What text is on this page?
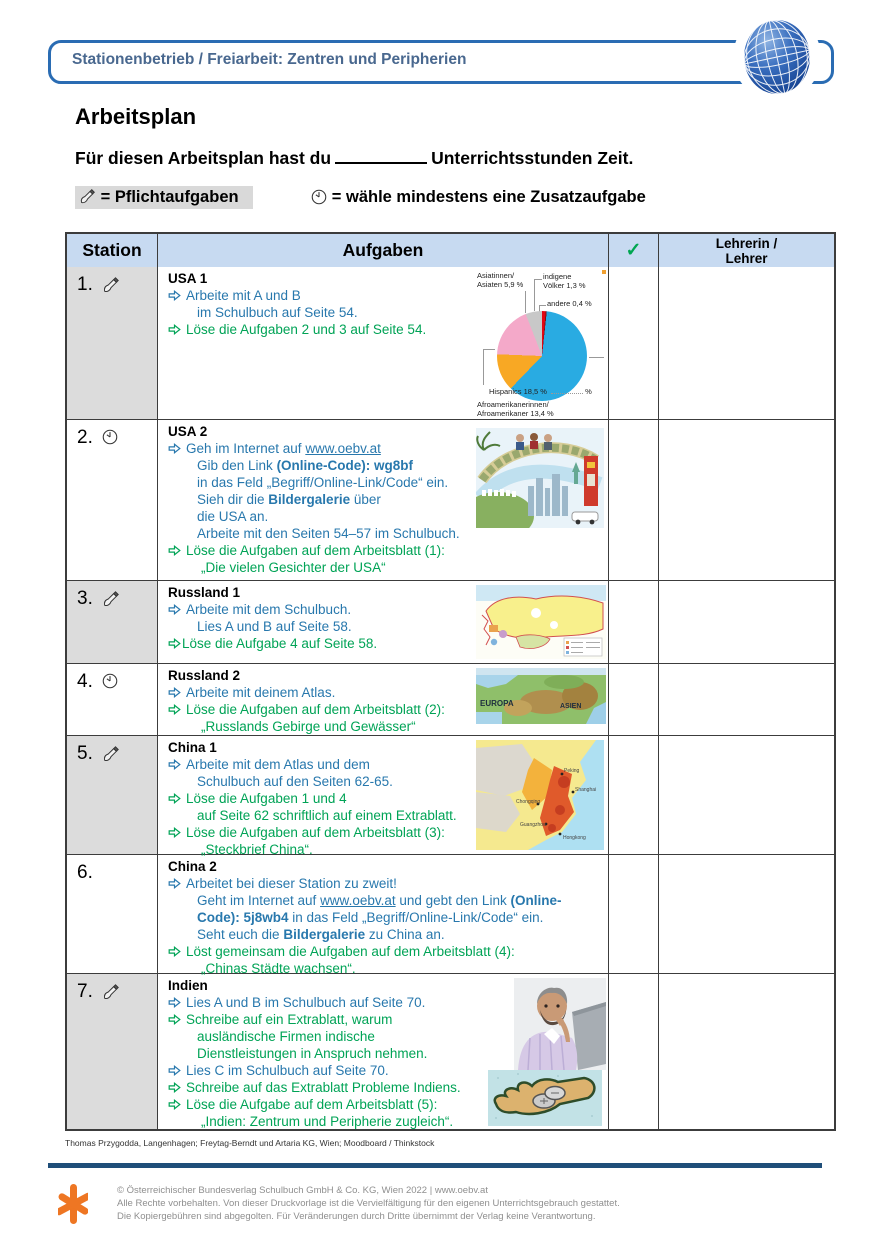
Stationenbetrieb / Freiarbeit: Zentren und Peripherien
Arbeitsplan
Für diesen Arbeitsplan hast du	Unterrichtsstunden Zeit.
= Pflichtaufgaben	= wähle mindestens eine Zusatzaufgabe
Station	Aufgaben	✓	Lehrerin /
Lehrer
1.	USA 1
Arbeite mit A und B
im Schulbuch auf Seite 54.
Löse die Aufgaben 2 und 3 auf Seite 54.
Asiatinnen/
Asiaten 5,9 %
indigene
Völker 1,3 %
andere 0,4 %
Hispanics 18,5 %	%
Afroamerikanerinnen/
Afroamerikaner 13,4 %
2.	USA 2
Geh im Internet auf www.oebv.at
Gib den Link (Online-Code): wg8bf
in das Feld „Begriff/Online-Link/Code“ ein.
Sieh dir die Bildergalerie über
die USA an.
Arbeite mit den Seiten 54–57 im Schulbuch.
Löse die Aufgaben auf dem Arbeitsblatt (1):
„Die vielen Gesichter der USA“
3.	Russland 1
Arbeite mit dem Schulbuch.
Lies A und B auf Seite 58.
Löse die Aufgabe 4 auf Seite 58.
4.	Russland 2
Arbeite mit deinem Atlas.
Löse die Aufgaben auf dem Arbeitsblatt (2):
„Russlands Gebirge und Gewässer“
EUROPA	ASIEN
5.	China 1
Arbeite mit dem Atlas und dem
Schulbuch auf den Seiten 62-65.
Löse die Aufgaben 1 und 4
auf Seite 62 schriftlich auf einem Extrablatt.
Löse die Aufgaben auf dem Arbeitsblatt (3):
„Steckbrief China“.
Peking
Shanghai
Chongqing
Guangzhou
Hongkong
6.	China 2
Arbeitet bei dieser Station zu zweit!
Geht im Internet auf www.oebv.at und gebt den Link (Online-
Code): 5j8wb4 in das Feld „Begriff/Online-Link/Code“ ein.
Seht euch die Bildergalerie zu China an.
Löst gemeinsam die Aufgaben auf dem Arbeitsblatt (4):
„Chinas Städte wachsen“.
7.	Indien
Lies A und B im Schulbuch auf Seite 70.
Schreibe auf ein Extrablatt, warum
ausländische Firmen indische
Dienstleistungen in Anspruch nehmen.
Lies C im Schulbuch auf Seite 70.
Schreibe auf das Extrablatt Probleme Indiens.
Löse die Aufgabe auf dem Arbeitsblatt (5):
„Indien: Zentrum und Peripherie zugleich“.
Thomas Przygodda, Langenhagen; Freytag-Berndt und Artaria KG, Wien; Moodboard / Thinkstock
© Österreichischer Bundesverlag Schulbuch GmbH & Co. KG, Wien 2022 | www.oebv.at
Alle Rechte vorbehalten. Von dieser Druckvorlage ist die Vervielfältigung für den eigenen Unterrichtsgebrauch gestattet.
Die Kopiergebühren sind abgegolten. Für Veränderungen durch Dritte übernimmt der Verlag keine Verantwortung.
